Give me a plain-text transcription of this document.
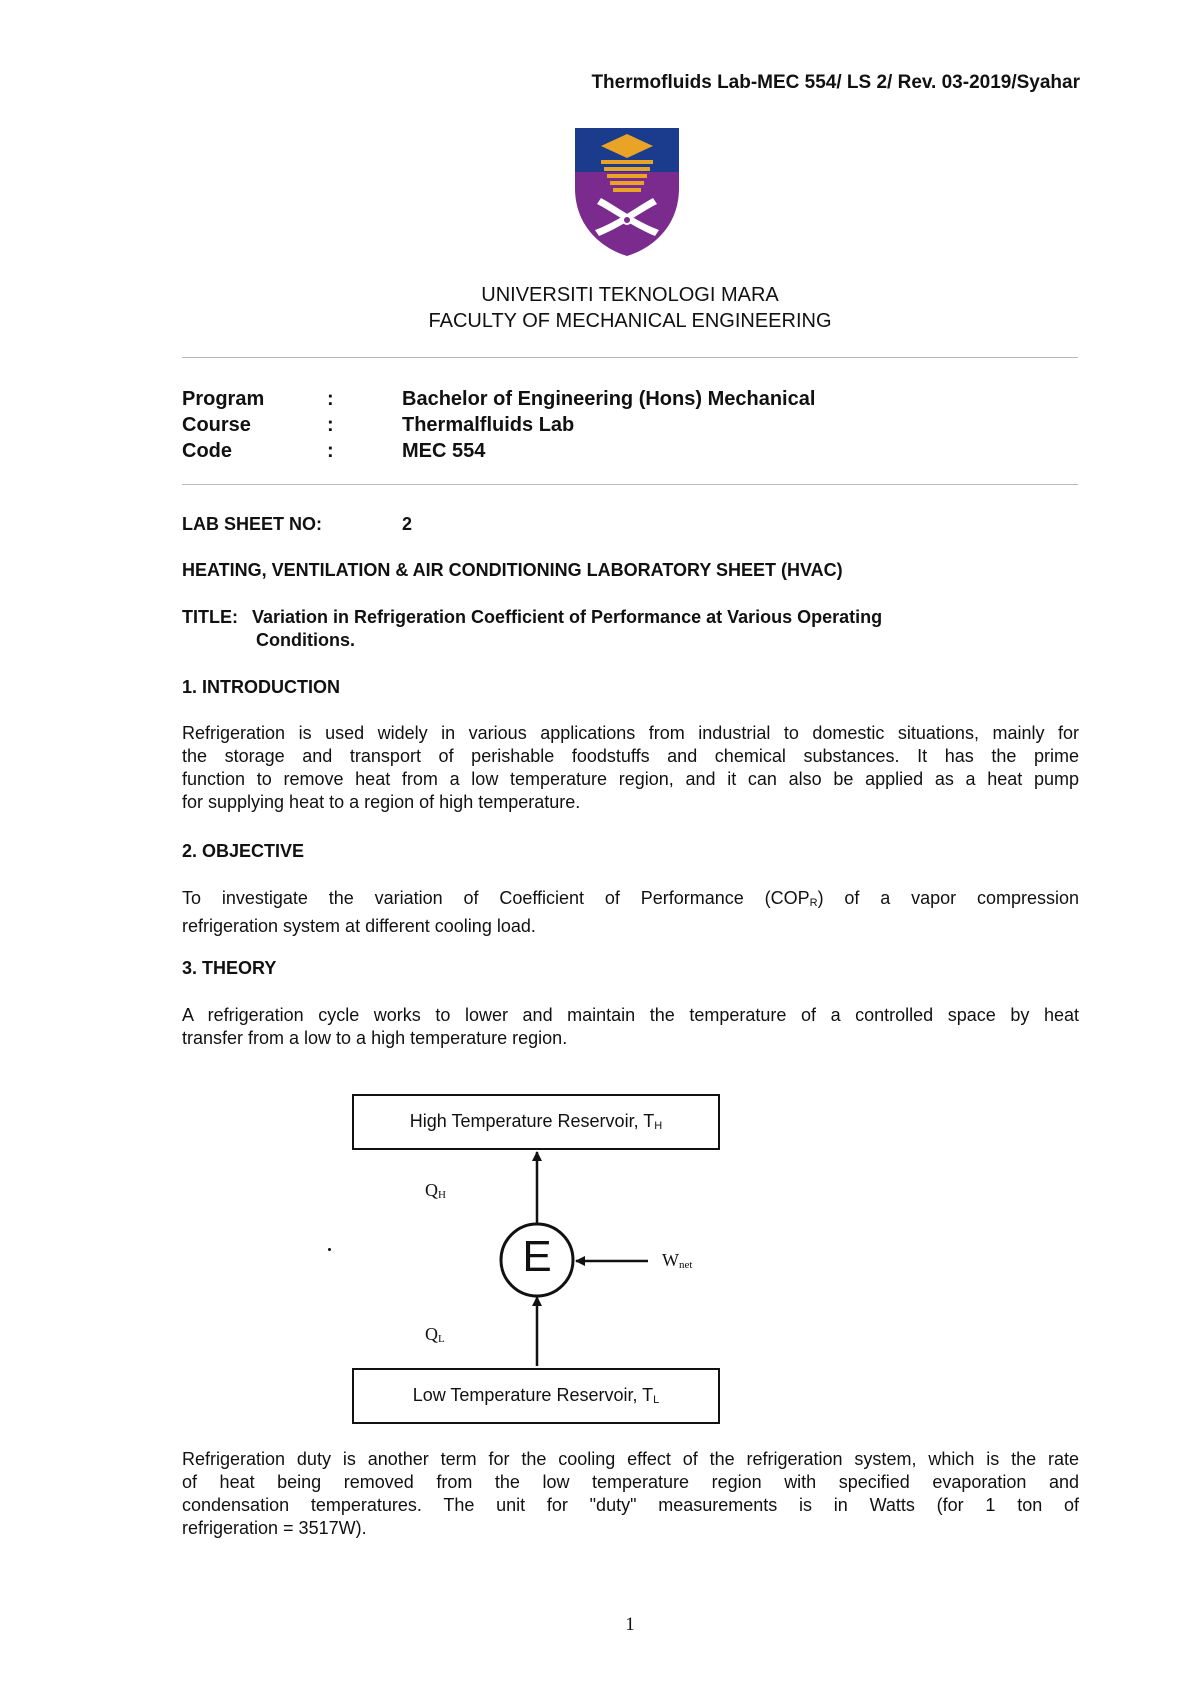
Thermofluids Lab-MEC 554/ LS 2/ Rev. 03-2019/Syahar
UNIVERSITI TEKNOLOGI MARA
FACULTY OF MECHANICAL ENGINEERING
Program	:	Bachelor of Engineering (Hons) Mechanical
Course	:	Thermalfluids Lab
Code	:	MEC 554
LAB SHEET NO:	2
HEATING, VENTILATION & AIR CONDITIONING LABORATORY SHEET (HVAC)
TITLE: Variation in Refrigeration Coefficient of Performance at Various Operating
Conditions.
1. INTRODUCTION
Refrigeration is used widely in various applications from industrial to domestic situations, mainly for
the storage and transport of perishable foodstuffs and chemical substances. It has the prime
function to remove heat from a low temperature region, and it can also be applied as a heat pump
for supplying heat to a region of high temperature.
2. OBJECTIVE
To investigate the variation of Coefficient of Performance $(COP_R)$ of a vapor compression
refrigeration system at different cooling load.
3. THEORY
A refrigeration cycle works to lower and maintain the temperature of a controlled space by heat
transfer from a low to a high temperature region.
High Temperature Reservoir, $T_H$
Low Temperature Reservoir, $T_L$
E
$Q_H$
$Q_L$
$W_{net}$
Refrigeration duty is another term for the cooling effect of the refrigeration system, which is the rate
of heat being removed from the low temperature region with specified evaporation and
condensation temperatures. The unit for "duty" measurements is in Watts (for 1 ton of
refrigeration = 3517W).
1
